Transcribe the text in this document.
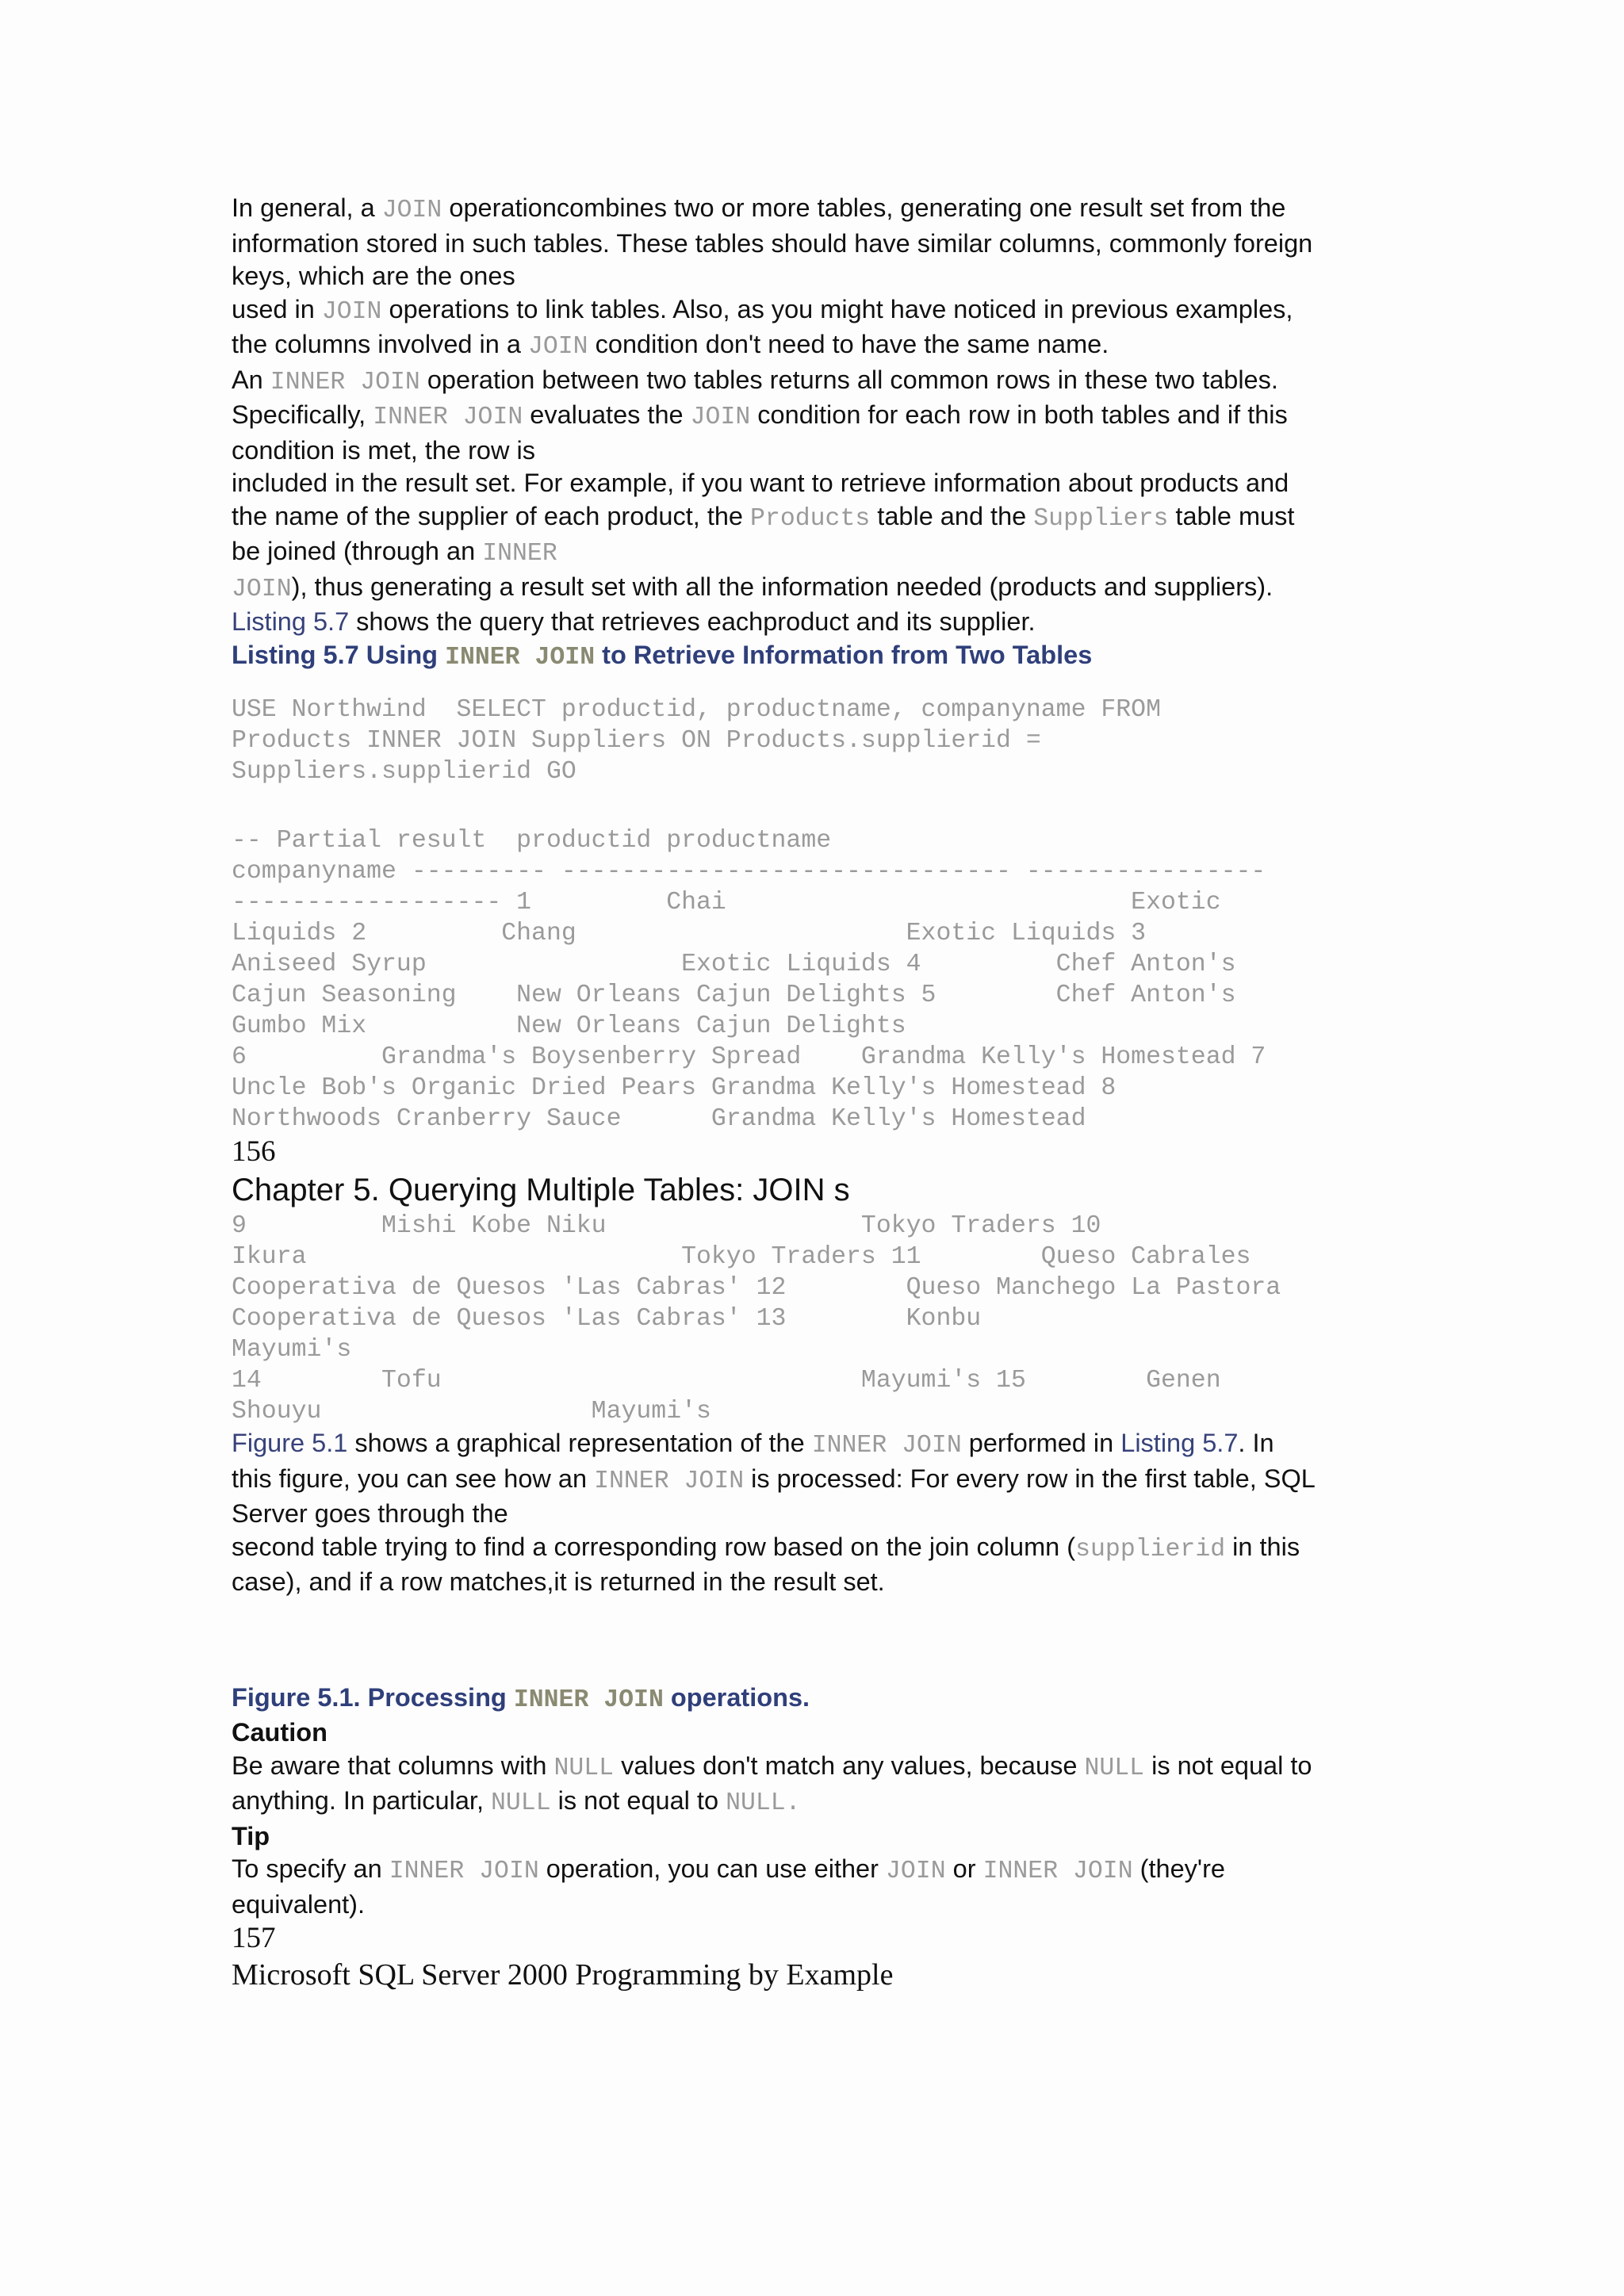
In general, a JOIN operationcombines two or more tables, generating one result set from the

information stored in such tables. These tables should have similar columns, commonly foreign

keys, which are the ones

used in JOIN operations to link tables. Also, as you might have noticed in previous examples,

the columns involved in a JOIN condition don't need to have the same name.

An INNER JOIN operation between two tables returns all common rows in these two tables.

Specifically, INNER JOIN evaluates the JOIN condition for each row in both tables and if this

condition is met, the row is

included in the result set. For example, if you want to retrieve information about products and

the name of the supplier of each product, the Products table and the Suppliers table must

be joined (through an INNER

JOIN), thus generating a result set with all the information needed (products and suppliers).

Listing 5.7 shows the query that retrieves eachproduct and its supplier.

Listing 5.7 Using INNER JOIN to Retrieve Information from Two Tables

USE Northwind  SELECT productid, productname, companyname FROM
Products INNER JOIN Suppliers ON Products.supplierid =
Suppliers.supplierid GO
-- Partial result  productid productname
companyname --------- ------------------------------ ----------------
------------------ 1         Chai                           Exotic
Liquids 2         Chang                      Exotic Liquids 3
Aniseed Syrup                 Exotic Liquids 4         Chef Anton's
Cajun Seasoning    New Orleans Cajun Delights 5        Chef Anton's
Gumbo Mix          New Orleans Cajun Delights
6         Grandma's Boysenberry Spread    Grandma Kelly's Homestead 7
Uncle Bob's Organic Dried Pears Grandma Kelly's Homestead 8
Northwoods Cranberry Sauce      Grandma Kelly's Homestead

156

Chapter 5. Querying Multiple Tables: JOIN s

9         Mishi Kobe Niku                 Tokyo Traders 10
Ikura                         Tokyo Traders 11        Queso Cabrales
Cooperativa de Quesos 'Las Cabras' 12        Queso Manchego La Pastora
Cooperativa de Quesos 'Las Cabras' 13        Konbu
Mayumi's
14        Tofu                            Mayumi's 15        Genen
Shouyu                  Mayumi's

Figure 5.1 shows a graphical representation of the INNER JOIN performed in Listing 5.7. In

this figure, you can see how an INNER JOIN is processed: For every row in the first table, SQL

Server goes through the

second table trying to find a corresponding row based on the join column (supplierid in this

case), and if a row matches,it is returned in the result set.

Figure 5.1. Processing INNER JOIN operations.

Caution

Be aware that columns with NULL values don't match any values, because NULL is not equal to

anything. In particular, NULL is not equal to NULL.

Tip

To specify an INNER JOIN operation, you can use either JOIN or INNER JOIN (they're

equivalent).

157

Microsoft SQL Server 2000 Programming by Example
